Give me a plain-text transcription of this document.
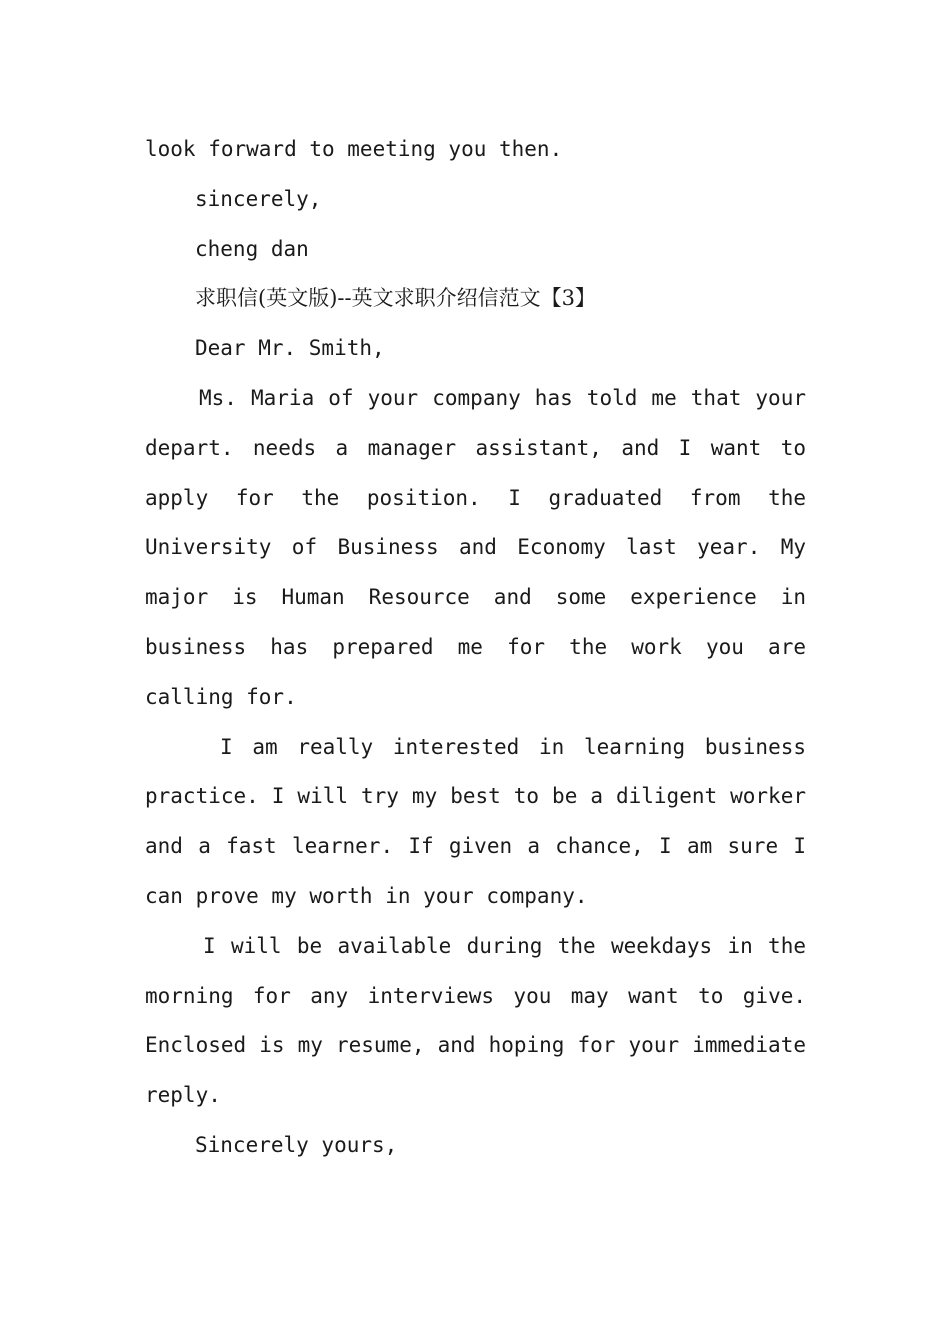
look forward to meeting you then.

sincerely,

cheng dan

求职信(英文版)--英文求职介绍信范文【3】

Dear Mr. Smith,

Ms. Maria of your company has told me that your depart. needs a manager assistant, and I want to apply for the position. I graduated from the University of Business and Economy last year. My major is Human Resource and some experience in business has prepared me for the work you are calling for.

I am really interested in learning business practice. I will try my best to be a diligent worker and a fast learner. If given a chance, I am sure I can prove my worth in your company.

I will be available during the weekdays in the morning for any interviews you may want to give. Enclosed is my resume, and hoping for your immediate reply.

Sincerely yours,
